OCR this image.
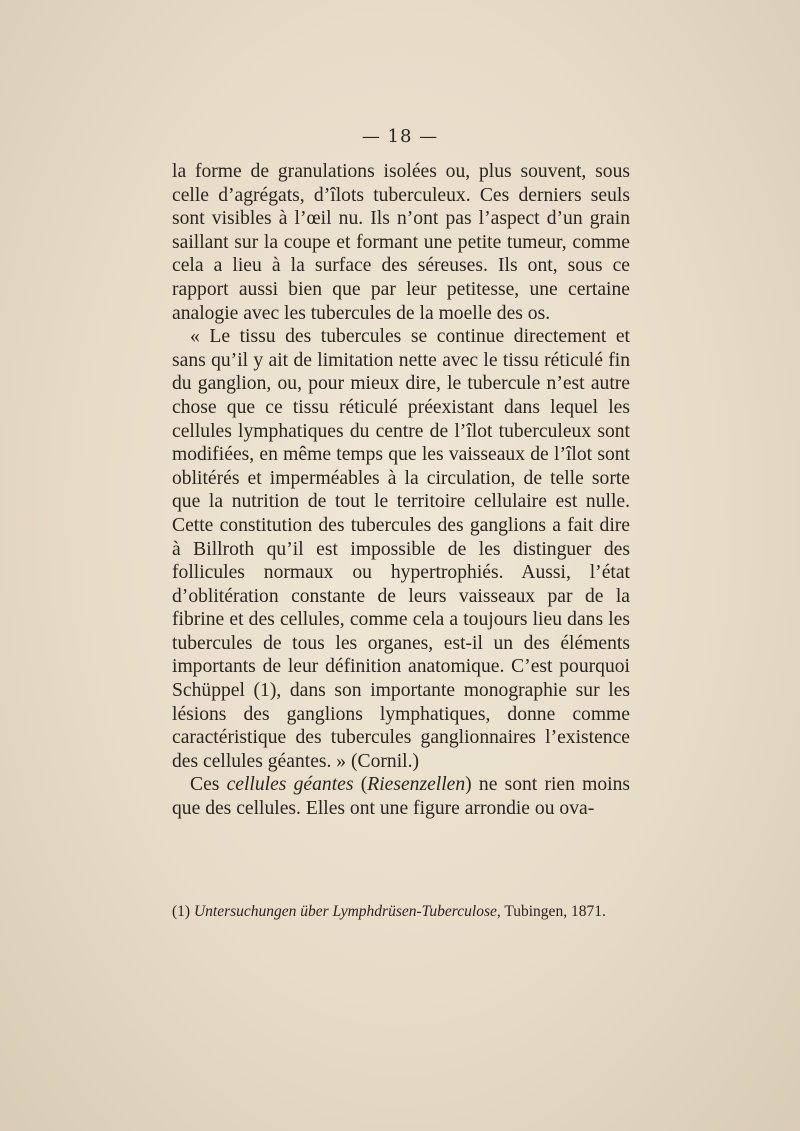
— 18 —

la forme de granulations isolées ou, plus souvent, sous celle d’agrégats, d’îlots tuberculeux. Ces derniers seuls sont visibles à l’œil nu. Ils n’ont pas l’aspect d’un grain saillant sur la coupe et formant une petite tumeur, comme cela a lieu à la surface des séreuses. Ils ont, sous ce rapport aussi bien que par leur petitesse, une certaine analogie avec les tubercules de la moelle des os.

« Le tissu des tubercules se continue directement et sans qu’il y ait de limitation nette avec le tissu réticulé fin du ganglion, ou, pour mieux dire, le tubercule n’est autre chose que ce tissu réticulé préexistant dans lequel les cellules lymphatiques du centre de l’îlot tuberculeux sont modifiées, en même temps que les vaisseaux de l’îlot sont oblitérés et imperméables à la circulation, de telle sorte que la nutrition de tout le territoire cellulaire est nulle. Cette constitution des tubercules des ganglions a fait dire à Billroth qu’il est impossible de les distinguer des follicules normaux ou hypertrophiés. Aussi, l’état d’oblitération constante de leurs vaisseaux par de la fibrine et des cellules, comme cela a toujours lieu dans les tubercules de tous les organes, est-il un des éléments importants de leur définition anatomique. C’est pourquoi Schüppel (1), dans son importante monographie sur les lésions des ganglions lymphatiques, donne comme caractéristique des tubercules ganglionnaires l’existence des cellules géantes. » (Cornil.)

Ces cellules géantes (Riesenzellen) ne sont rien moins que des cellules. Elles ont une figure arrondie ou ova-

(1) Untersuchungen über Lymphdrüsen-Tuberculose, Tubingen, 1871.
